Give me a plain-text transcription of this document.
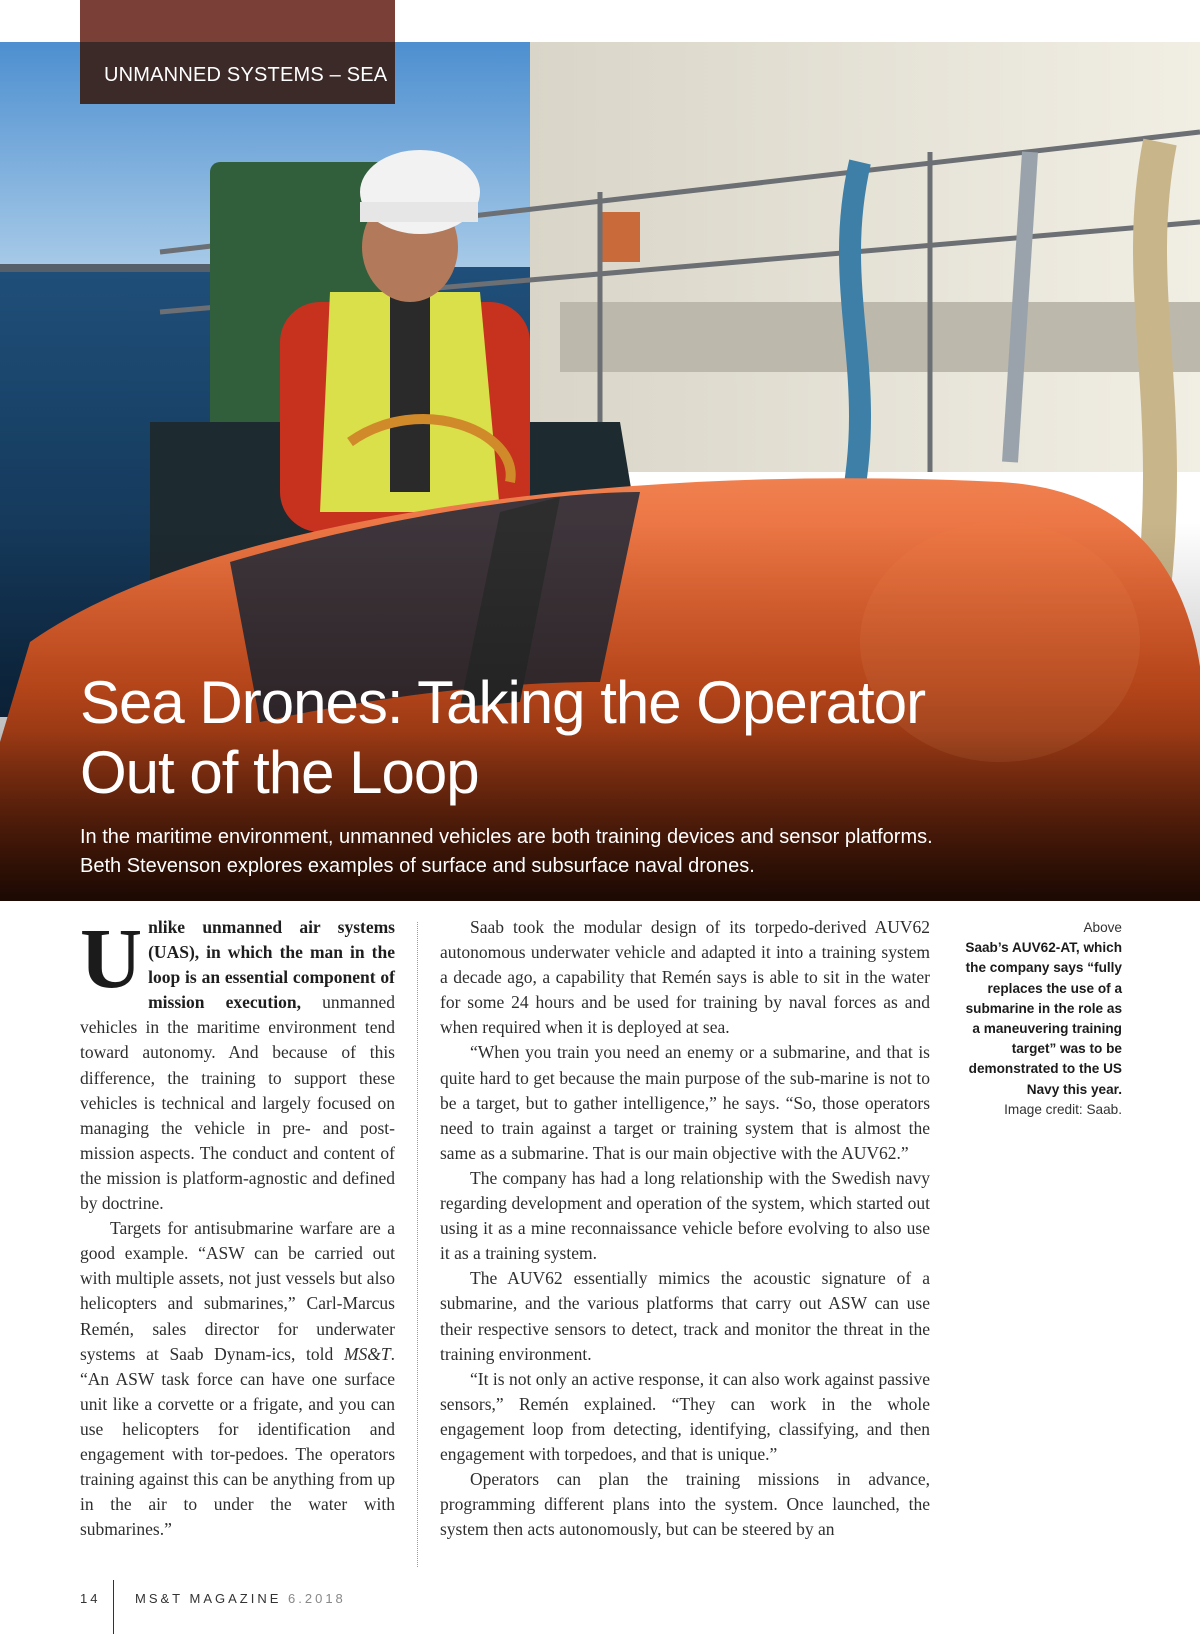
UNMANNED SYSTEMS – SEA
Sea Drones: Taking the Operator
Out of the Loop

In the maritime environment, unmanned vehicles are both training devices and sensor platforms.
Beth Stevenson explores examples of surface and subsurface naval drones.

Unlike unmanned air systems (UAS), in which the man in the loop is an essential component of mission execution, unmanned vehicles in the maritime environment tend toward autonomy. And because of this difference, the training to support these vehicles is technical and largely focused on managing the vehicle in pre- and post-mission aspects. The conduct and content of the mission is platform-agnostic and defined by doctrine.

Targets for antisubmarine warfare are a good example. “ASW can be carried out with multiple assets, not just vessels but also helicopters and submarines,” Carl-Marcus Remén, sales director for underwater systems at Saab Dynam-ics, told MS&T. “An ASW task force can have one surface unit like a corvette or a frigate, and you can use helicopters for identification and engagement with tor-pedoes. The operators training against this can be anything from up in the air to under the water with submarines.”

Saab took the modular design of its torpedo-derived AUV62 autonomous underwater vehicle and adapted it into a training system a decade ago, a capability that Remén says is able to sit in the water for some 24 hours and be used for training by naval forces as and when required when it is deployed at sea.

“When you train you need an enemy or a submarine, and that is quite hard to get because the main purpose of the sub-marine is not to be a target, but to gather intelligence,” he says. “So, those operators need to train against a target or training system that is almost the same as a submarine. That is our main objective with the AUV62.”

The company has had a long relationship with the Swedish navy regarding development and operation of the system, which started out using it as a mine reconnaissance vehicle before evolving to also use it as a training system.

The AUV62 essentially mimics the acoustic signature of a submarine, and the various platforms that carry out ASW can use their respective sensors to detect, track and monitor the threat in the training environment.

“It is not only an active response, it can also work against passive sensors,” Remén explained. “They can work in the whole engagement loop from detecting, identifying, classifying, and then engagement with torpedoes, and that is unique.”

Operators can plan the training missions in advance, programming different plans into the system. Once launched, the system then acts autonomously, but can be steered by an

Above
Saab’s AUV62-AT, which the company says “fully replaces the use of a submarine in the role as a maneuvering training target” was to be demonstrated to the US Navy this year.
Image credit: Saab.
14	MS&T MAGAZINE 6.2018
